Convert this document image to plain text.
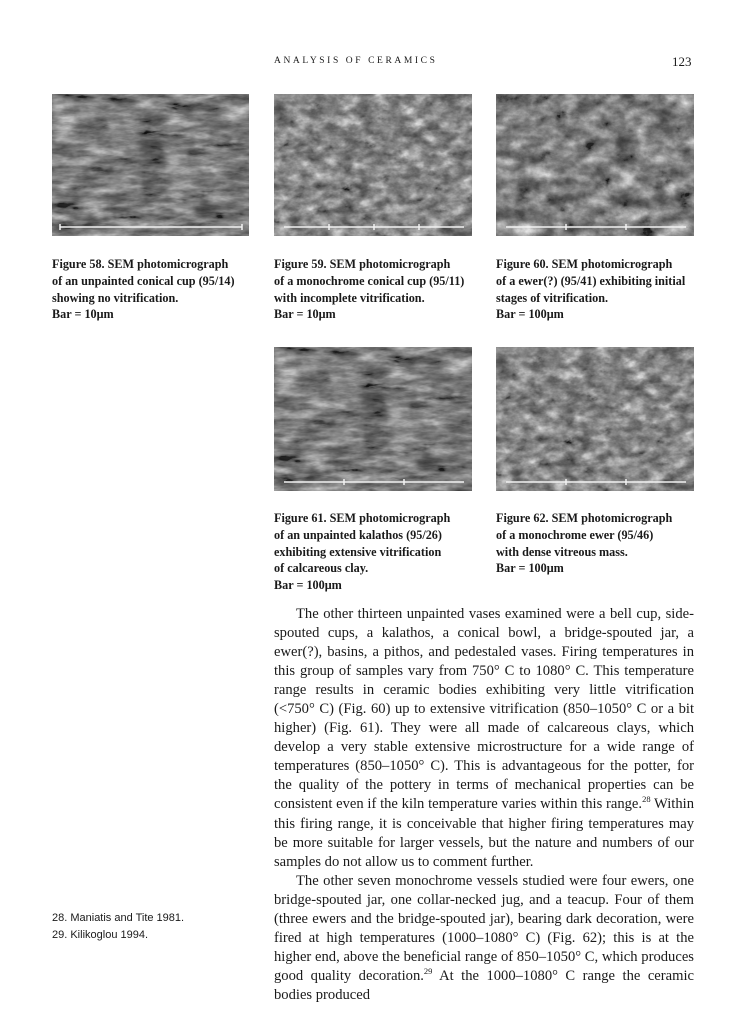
ANALYSIS OF CERAMICS	123
Figure 58. SEM photomicrograph
of an unpainted conical cup (95/14)
showing no vitrification.
Bar = 10μm
Figure 59. SEM photomicrograph
of a monochrome conical cup (95/11)
with incomplete vitrification.
Bar = 10μm
Figure 60. SEM photomicrograph
of a ewer(?) (95/41) exhibiting initial
stages of vitrification.
Bar = 100μm
Figure 61. SEM photomicrograph
of an unpainted kalathos (95/26)
exhibiting extensive vitrification
of calcareous clay.
Bar = 100μm
Figure 62. SEM photomicrograph
of a monochrome ewer (95/46)
with dense vitreous mass.
Bar = 100μm

The other thirteen unpainted vases examined were a bell cup, side-spouted cups, a kalathos, a conical bowl, a bridge-spouted jar, a ewer(?), basins, a pithos, and pedestaled vases. Firing temperatures in this group of samples vary from 750° C to 1080° C. This temperature range results in ceramic bodies exhibiting very little vitrification (<750° C) (Fig. 60) up to extensive vitrification (850–1050° C or a bit higher) (Fig. 61). They were all made of calcareous clays, which develop a very stable extensive microstructure for a wide range of temperatures (850–1050° C). This is advantageous for the potter, for the quality of the pottery in terms of mechanical properties can be consistent even if the kiln temperature varies within this range.$^{28}$ Within this firing range, it is conceivable that higher firing temperatures may be more suitable for larger vessels, but the nature and numbers of our samples do not allow us to comment further.

The other seven monochrome vessels studied were four ewers, one bridge-spouted jar, one collar-necked jug, and a teacup. Four of them (three ewers and the bridge-spouted jar), bearing dark decoration, were fired at high temperatures (1000–1080° C) (Fig. 62); this is at the higher end, above the beneficial range of 850–1050° C, which produces good quality decoration.$^{29}$ At the 1000–1080° C range the ceramic bodies produced

28. Maniatis and Tite 1981.
29. Kilikoglou 1994.
